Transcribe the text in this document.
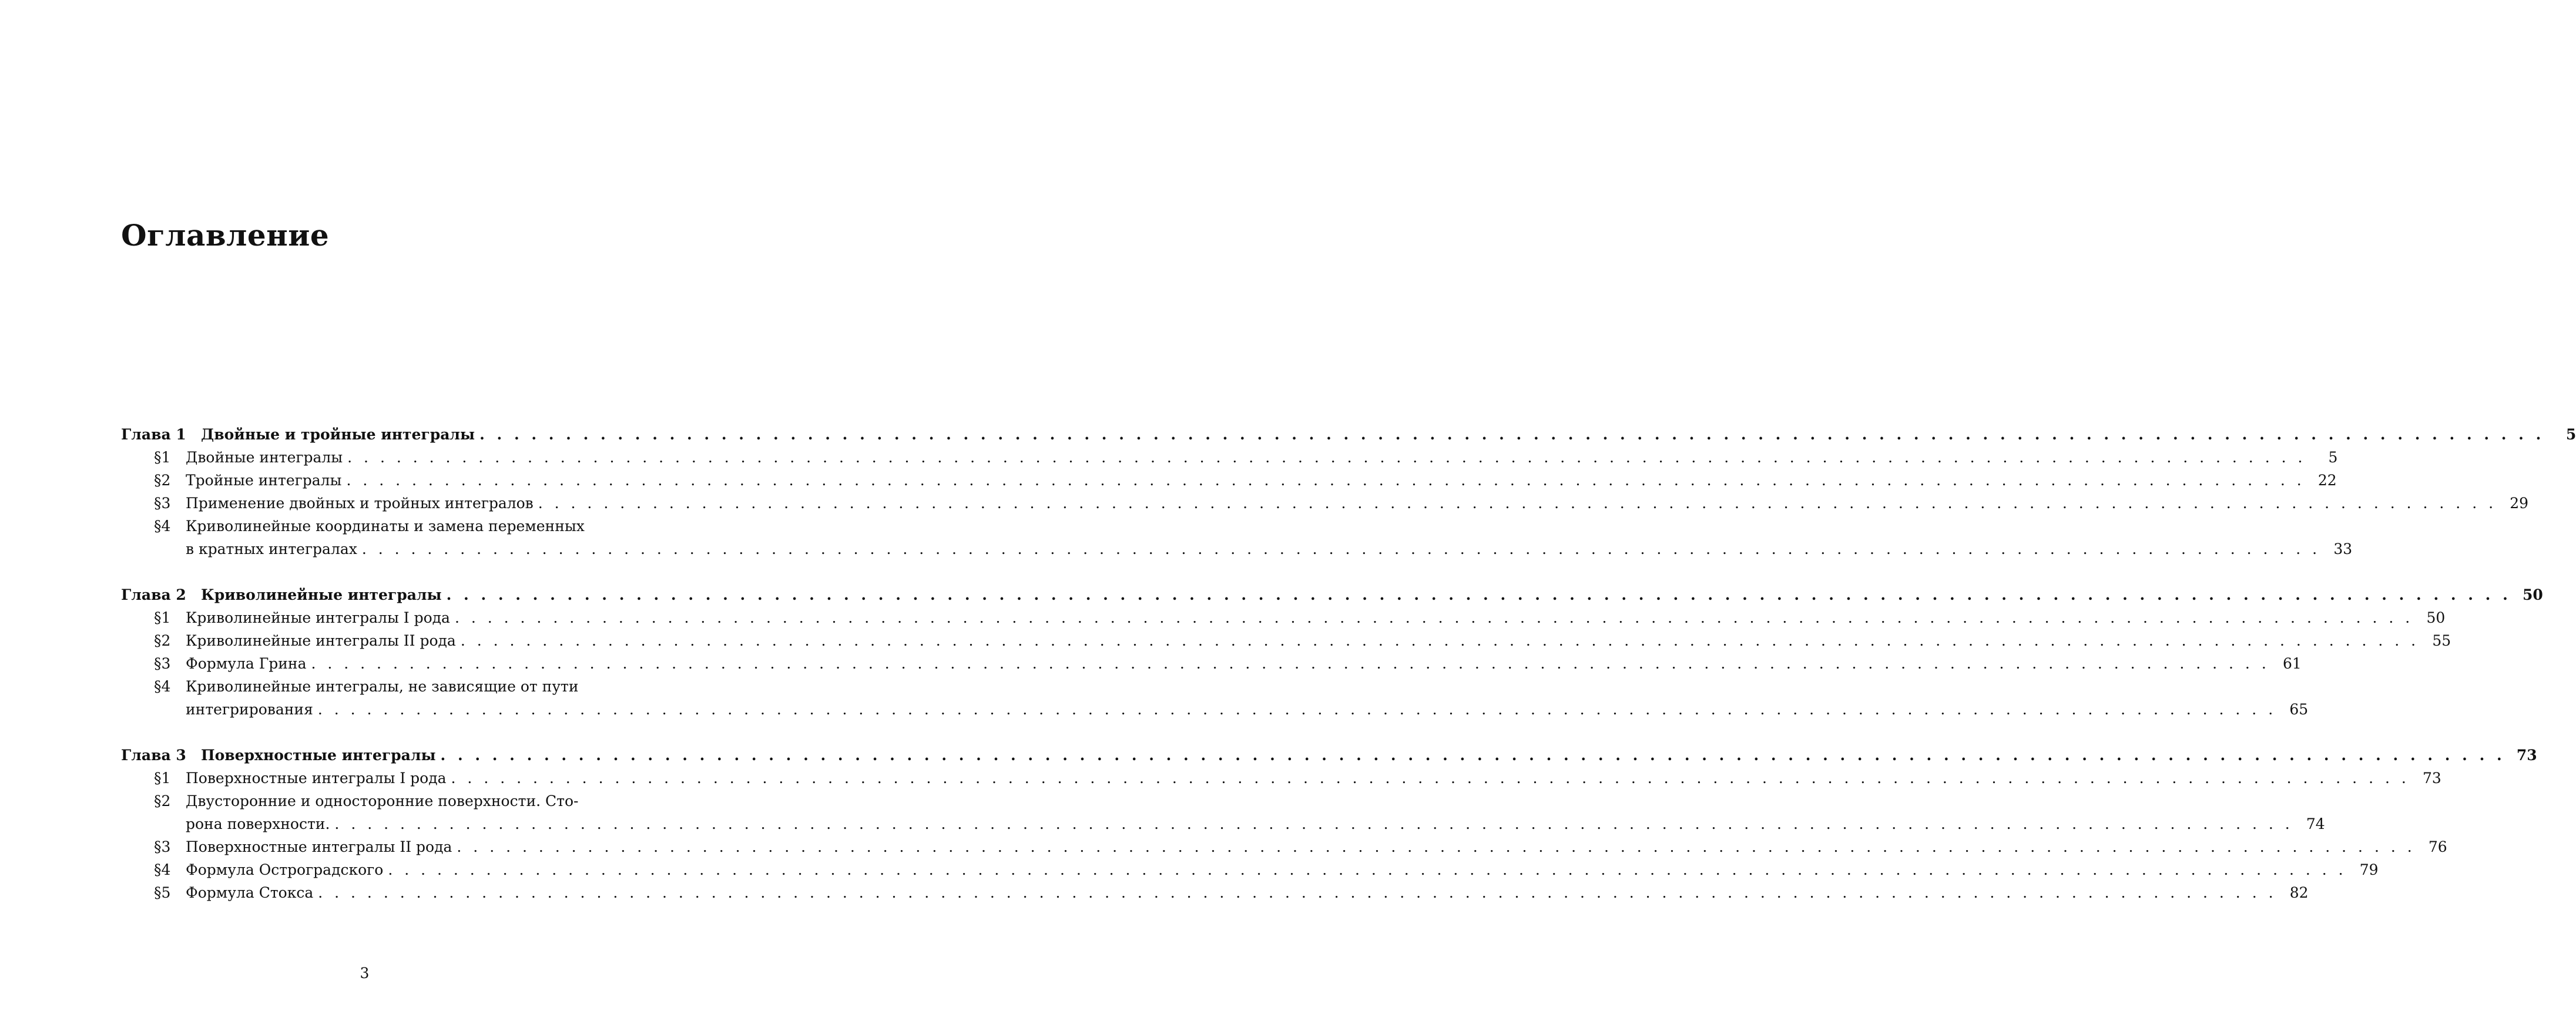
Оглавление
Глава 1 Двойные и тройные интегралы . . . . . . . . . . . . . . . . . . . . . . . . . . . . . . . . . . . . . . . . . . . . . . . . . . . . . . . . . . . . . . . . . . . . . . . . . . . . . . . . . . . . . . . . . . . . . . . . . . . . . . . . . . . . . . . . . . . . . . . .	5
§1 Двойные интегралы . . . . . . . . . . . . . . . . . . . . . . . . . . . . . . . . . . . . . . . . . . . . . . . . . . . . . . . . . . . . . . . . . . . . . . . . . . . . . . . . . . . . . . . . . . . . . . . . . . . . . . . . . . . . . . . . . . . . . . . .	5
§2 Тройные интегралы . . . . . . . . . . . . . . . . . . . . . . . . . . . . . . . . . . . . . . . . . . . . . . . . . . . . . . . . . . . . . . . . . . . . . . . . . . . . . . . . . . . . . . . . . . . . . . . . . . . . . . . . . . . . . . . . . . . . . . . . 22
§3 Применение двойных и тройных интегралов . . . . . . . . . . . . . . . . . . . . . . . . . . . . . . . . . . . . . . . . . . . . . . . . . . . . . . . . . . . . . . . . . . . . . . . . . . . . . . . . . . . . . . . . . . . . . . . . . . . . . . . . . . . . . . . . . . . . . . . . 29
§4 Криволинейные координаты и замена переменных
в кратных интегралах . . . . . . . . . . . . . . . . . . . . . . . . . . . . . . . . . . . . . . . . . . . . . . . . . . . . . . . . . . . . . . . . . . . . . . . . . . . . . . . . . . . . . . . . . . . . . . . . . . . . . . . . . . . . . . . . . . . . . . . . 33
Глава 2 Криволинейные интегралы . . . . . . . . . . . . . . . . . . . . . . . . . . . . . . . . . . . . . . . . . . . . . . . . . . . . . . . . . . . . . . . . . . . . . . . . . . . . . . . . . . . . . . . . . . . . . . . . . . . . . . . . . . . . . . . . . . . . . . . . 50
§1 Криволинейные интегралы I рода . . . . . . . . . . . . . . . . . . . . . . . . . . . . . . . . . . . . . . . . . . . . . . . . . . . . . . . . . . . . . . . . . . . . . . . . . . . . . . . . . . . . . . . . . . . . . . . . . . . . . . . . . . . . . . . . . . . . . . . . 50
§2 Криволинейные интегралы II рода . . . . . . . . . . . . . . . . . . . . . . . . . . . . . . . . . . . . . . . . . . . . . . . . . . . . . . . . . . . . . . . . . . . . . . . . . . . . . . . . . . . . . . . . . . . . . . . . . . . . . . . . . . . . . . . . . . . . . . . . 55
§3 Формула Грина . . . . . . . . . . . . . . . . . . . . . . . . . . . . . . . . . . . . . . . . . . . . . . . . . . . . . . . . . . . . . . . . . . . . . . . . . . . . . . . . . . . . . . . . . . . . . . . . . . . . . . . . . . . . . . . . . . . . . . . . 61
§4 Криволинейные интегралы, не зависящие от пути
интегрирования . . . . . . . . . . . . . . . . . . . . . . . . . . . . . . . . . . . . . . . . . . . . . . . . . . . . . . . . . . . . . . . . . . . . . . . . . . . . . . . . . . . . . . . . . . . . . . . . . . . . . . . . . . . . . . . . . . . . . . . . 65
Глава 3 Поверхностные интегралы . . . . . . . . . . . . . . . . . . . . . . . . . . . . . . . . . . . . . . . . . . . . . . . . . . . . . . . . . . . . . . . . . . . . . . . . . . . . . . . . . . . . . . . . . . . . . . . . . . . . . . . . . . . . . . . . . . . . . . . . 73
§1 Поверхностные интегралы I рода . . . . . . . . . . . . . . . . . . . . . . . . . . . . . . . . . . . . . . . . . . . . . . . . . . . . . . . . . . . . . . . . . . . . . . . . . . . . . . . . . . . . . . . . . . . . . . . . . . . . . . . . . . . . . . . . . . . . . . . . 73
§2 Двусторонние и односторонние поверхности. Сто-
рона поверхности. . . . . . . . . . . . . . . . . . . . . . . . . . . . . . . . . . . . . . . . . . . . . . . . . . . . . . . . . . . . . . . . . . . . . . . . . . . . . . . . . . . . . . . . . . . . . . . . . . . . . . . . . . . . . . . . . . . . . . . . . 74
§3 Поверхностные интегралы II рода . . . . . . . . . . . . . . . . . . . . . . . . . . . . . . . . . . . . . . . . . . . . . . . . . . . . . . . . . . . . . . . . . . . . . . . . . . . . . . . . . . . . . . . . . . . . . . . . . . . . . . . . . . . . . . . . . . . . . . . . 76
§4 Формула Остроградского . . . . . . . . . . . . . . . . . . . . . . . . . . . . . . . . . . . . . . . . . . . . . . . . . . . . . . . . . . . . . . . . . . . . . . . . . . . . . . . . . . . . . . . . . . . . . . . . . . . . . . . . . . . . . . . . . . . . . . . . 79
§5 Формула Стокса . . . . . . . . . . . . . . . . . . . . . . . . . . . . . . . . . . . . . . . . . . . . . . . . . . . . . . . . . . . . . . . . . . . . . . . . . . . . . . . . . . . . . . . . . . . . . . . . . . . . . . . . . . . . . . . . . . . . . . . . 82
3
